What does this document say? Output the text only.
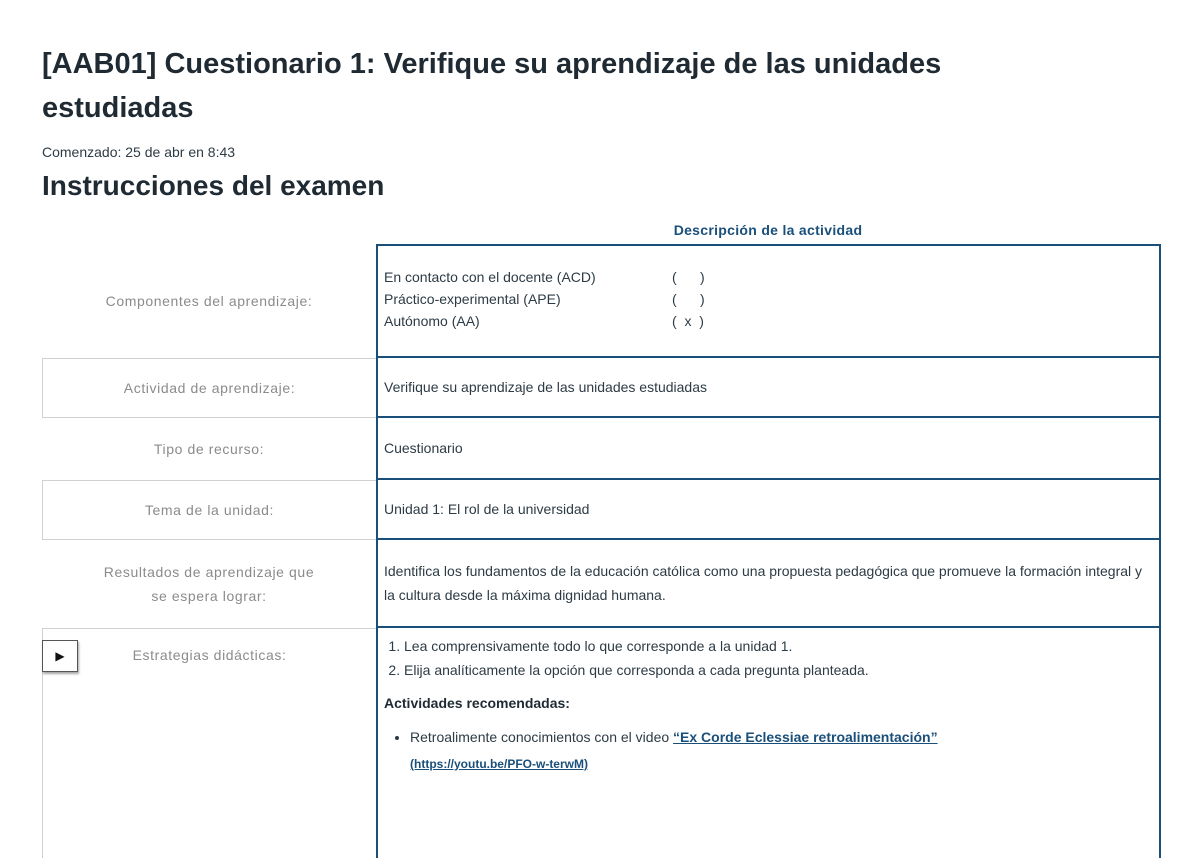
[AAB01] Cuestionario 1: Verifique su aprendizaje de las unidades estudiadas
Comenzado: 25 de abr en 8:43
Instrucciones del examen
Descripción de la actividad
Componentes del aprendizaje:
En contacto con el docente (ACD)	(      )
Práctico-experimental (APE)	(      )
Autónomo (AA)	(  x  )
Actividad de aprendizaje:	Verifique su aprendizaje de las unidades estudiadas
Tipo de recurso:	Cuestionario
Tema de la unidad:	Unidad 1: El rol de la universidad
Resultados de aprendizaje que se espera lograr:
Identifica los fundamentos de la educación católica como una propuesta pedagógica que promueve la formación integral y la cultura desde la máxima dignidad humana.
Estrategias didácticas:
▶
1. Lea comprensivamente todo lo que corresponde a la unidad 1.
2. Elija analíticamente la opción que corresponda a cada pregunta planteada.
Actividades recomendadas:
• Retroalimente conocimientos con el video “Ex Corde Eclessiae retroalimentación”
(https://youtu.be/PFO-w-terwM)
